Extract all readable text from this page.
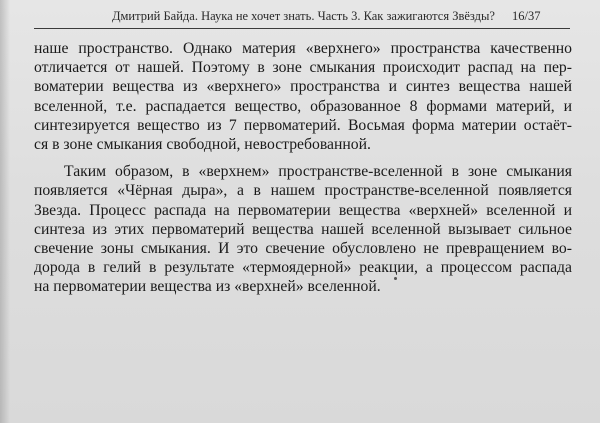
Дмитрий Байда. Наука не хочет знать. Часть 3. Как зажигаются Звёзды? 16/37
наше пространство. Однако материя «верхнего» пространства качественно
отличается от нашей. Поэтому в зоне смыкания происходит распад на пер-
воматерии вещества из «верхнего» пространства и синтез вещества нашей
вселенной, т.е. распадается вещество, образованное 8 формами материй, и
синтезируется вещество из 7 первоматерий. Восьмая форма материи остаёт-
ся в зоне смыкания свободной, невостребованной.
Таким образом, в «верхнем» пространстве-вселенной в зоне смыкания
появляется «Чёрная дыра», а в нашем пространстве-вселенной появляется
Звезда. Процесс распада на первоматерии вещества «верхней» вселенной и
синтеза из этих первоматерий вещества нашей вселенной вызывает сильное
свечение зоны смыкания. И это свечение обусловлено не превращением во-
дорода в гелий в результате «термоядерной» реакции, а процессом распада
на первоматерии вещества из «верхней» вселенной.
